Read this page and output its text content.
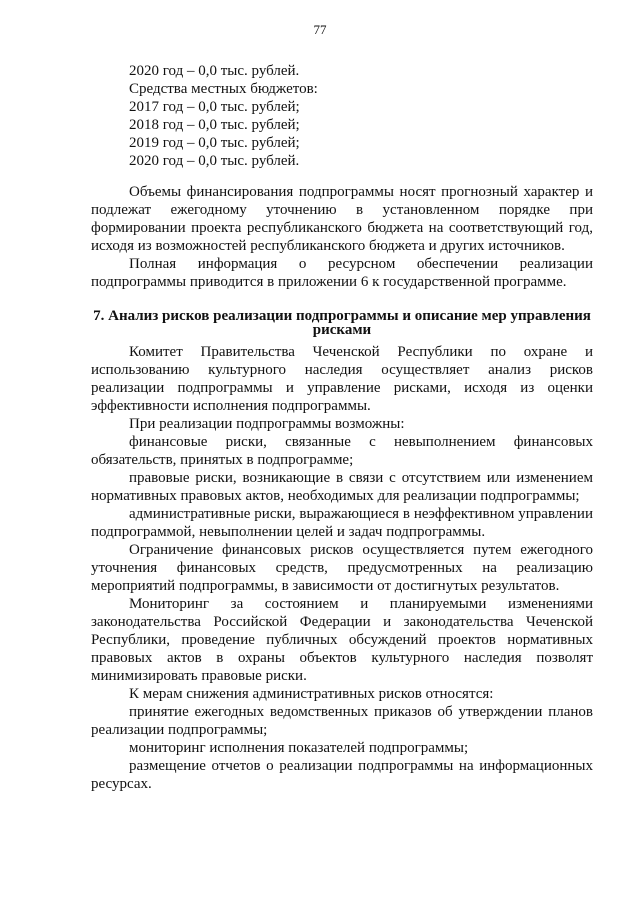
77
2020 год – 0,0 тыс. рублей.
Средства местных бюджетов:
2017 год – 0,0 тыс. рублей;
2018 год – 0,0 тыс. рублей;
2019 год – 0,0 тыс. рублей;
2020 год – 0,0 тыс. рублей.

Объемы финансирования подпрограммы носят прогнозный характер и подлежат ежегодному уточнению в установленном порядке при формировании проекта республиканского бюджета на соответствующий год, исходя из возможностей республиканского бюджета и других источников.

Полная информация о ресурсном обеспечении реализации подпрограммы приводится в приложении 6 к государственной программе.

7. Анализ рисков реализации подпрограммы и описание мер управления рисками

Комитет Правительства Чеченской Республики по охране и использованию культурного наследия осуществляет анализ рисков реализации подпрограммы и управление рисками, исходя из оценки эффективности исполнения подпрограммы.

При реализации подпрограммы возможны:

финансовые риски, связанные с невыполнением финансовых обязательств, принятых в подпрограмме;

правовые риски, возникающие в связи с отсутствием или изменением нормативных правовых актов, необходимых для реализации подпрограммы;

административные риски, выражающиеся в неэффективном управлении подпрограммой, невыполнении целей и задач подпрограммы.

Ограничение финансовых рисков осуществляется путем ежегодного уточнения финансовых средств, предусмотренных на реализацию мероприятий подпрограммы, в зависимости от достигнутых результатов.

Мониторинг за состоянием и планируемыми изменениями законодательства Российской Федерации и законодательства Чеченской Республики, проведение публичных обсуждений проектов нормативных правовых актов в охраны объектов культурного наследия позволят минимизировать правовые риски.

К мерам снижения административных рисков относятся:

принятие ежегодных ведомственных приказов об утверждении планов реализации подпрограммы;

мониторинг исполнения показателей подпрограммы;

размещение отчетов о реализации подпрограммы на информационных ресурсах.
